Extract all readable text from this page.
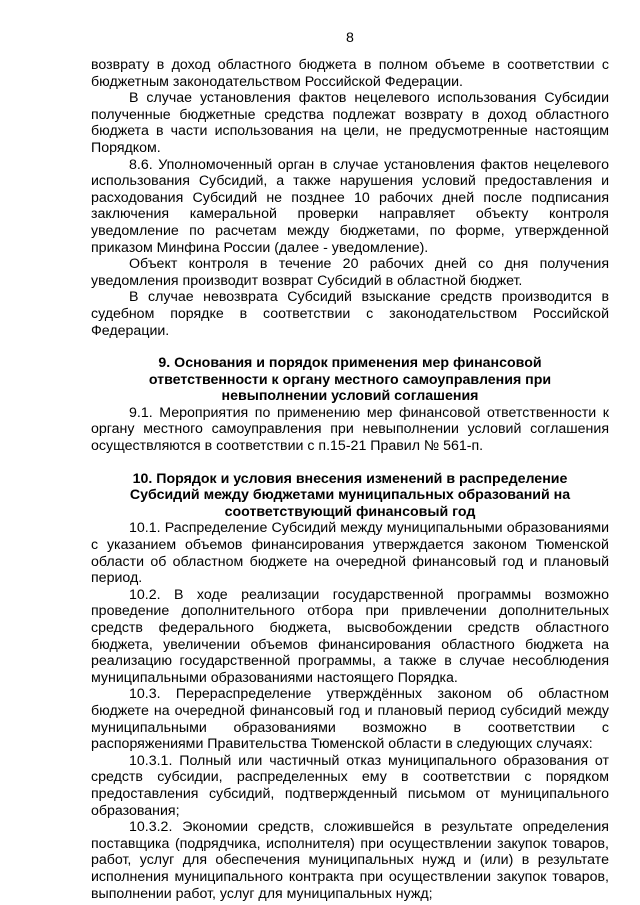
8

возврату в доход областного бюджета в полном объеме в соответствии с бюджетным законодательством Российской Федерации.

В случае установления фактов нецелевого использования Субсидии полученные бюджетные средства подлежат возврату в доход областного бюджета в части использования на цели, не предусмотренные настоящим Порядком.

8.6. Уполномоченный орган в случае установления фактов нецелевого использования Субсидий, а также нарушения условий предоставления и расходования Субсидий не позднее 10 рабочих дней после подписания заключения камеральной проверки направляет объекту контроля уведомление по расчетам между бюджетами, по форме, утвержденной приказом Минфина России (далее - уведомление).

Объект контроля в течение 20 рабочих дней со дня получения уведомления производит возврат Субсидий в областной бюджет.

В случае невозврата Субсидий взыскание средств производится в судебном порядке в соответствии с законодательством Российской Федерации.

9. Основания и порядок применения мер финансовой ответственности к органу местного самоуправления при невыполнении условий соглашения

9.1. Мероприятия по применению мер финансовой ответственности к органу местного самоуправления при невыполнении условий соглашения осуществляются в соответствии с п.15-21 Правил № 561-п.

10. Порядок и условия внесения изменений в распределение Субсидий между бюджетами муниципальных образований на соответствующий финансовый год

10.1. Распределение Субсидий между муниципальными образованиями с указанием объемов финансирования утверждается законом Тюменской области об областном бюджете на очередной финансовый год и плановый период.

10.2. В ходе реализации государственной программы возможно проведение дополнительного отбора при привлечении дополнительных средств федерального бюджета, высвобождении средств областного бюджета, увеличении объемов финансирования областного бюджета на реализацию государственной программы, а также в случае несоблюдения муниципальными образованиями настоящего Порядка.

10.3. Перераспределение утверждённых законом об областном бюджете на очередной финансовый год и плановый период субсидий между муниципальными образованиями возможно в соответствии с распоряжениями Правительства Тюменской области в следующих случаях:

10.3.1. Полный или частичный отказ муниципального образования от средств субсидии, распределенных ему в соответствии с порядком предоставления субсидий, подтвержденный письмом от муниципального образования;

10.3.2. Экономии средств, сложившейся в результате определения поставщика (подрядчика, исполнителя) при осуществлении закупок товаров, работ, услуг для обеспечения муниципальных нужд и (или) в результате исполнения муниципального контракта при осуществлении закупок товаров, выполнении работ, услуг для муниципальных нужд;
